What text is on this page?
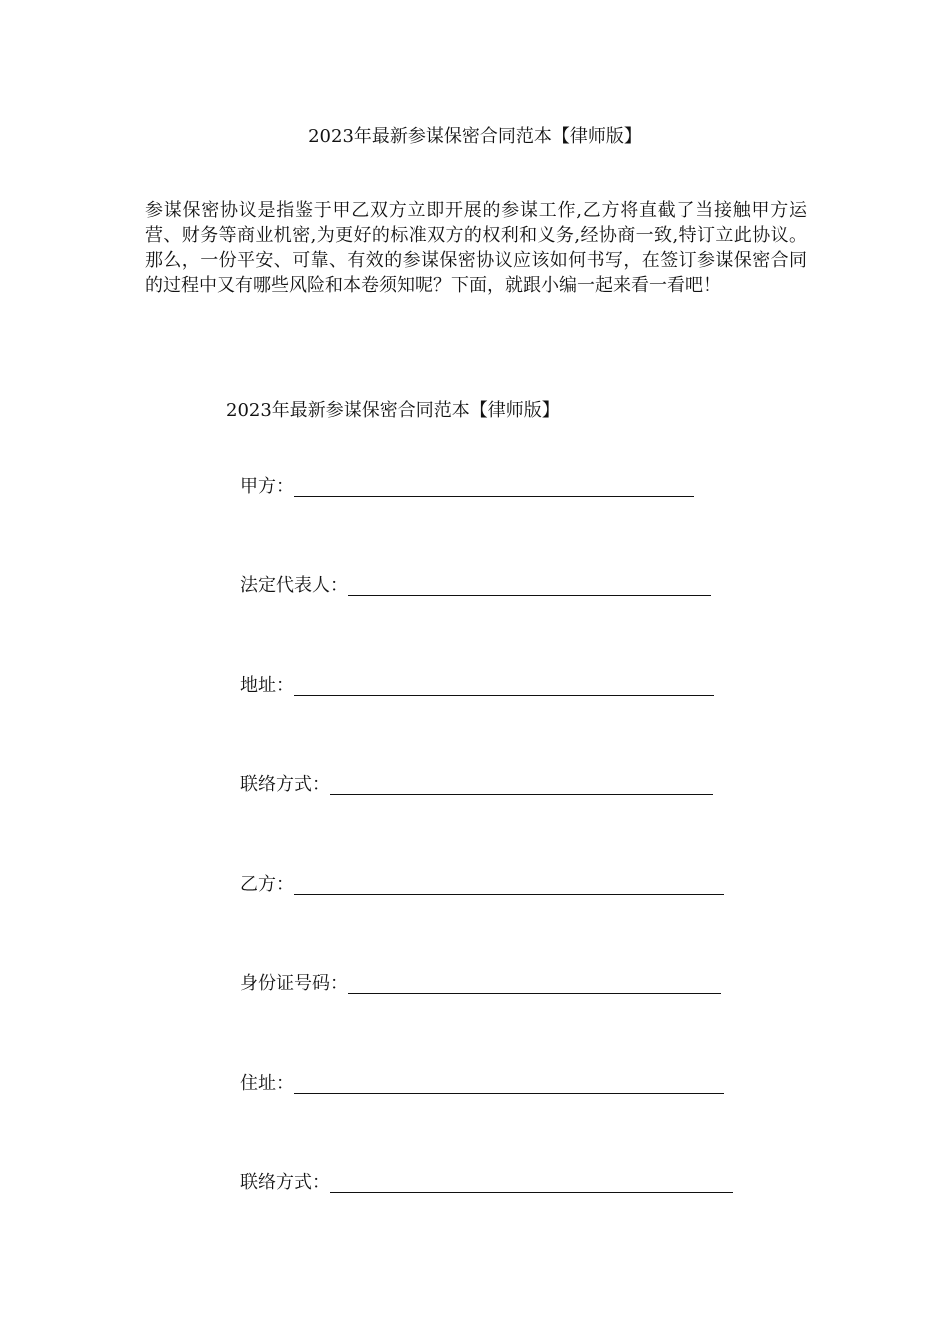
2023年最新参谋保密合同范本【律师版】

参谋保密协议是指鉴于甲乙双方立即开展的参谋工作,乙方将直截了当接触甲方运营、财务等商业机密,为更好的标准双方的权利和义务,经协商一致,特订立此协议。那么，一份平安、可靠、有效的参谋保密协议应该如何书写，在签订参谋保密合同的过程中又有哪些风险和本卷须知呢？下面，就跟小编一起来看一看吧！

2023年最新参谋保密合同范本【律师版】
甲方：
法定代表人：
地址：
联络方式：
乙方：
身份证号码：
住址：
联络方式：
